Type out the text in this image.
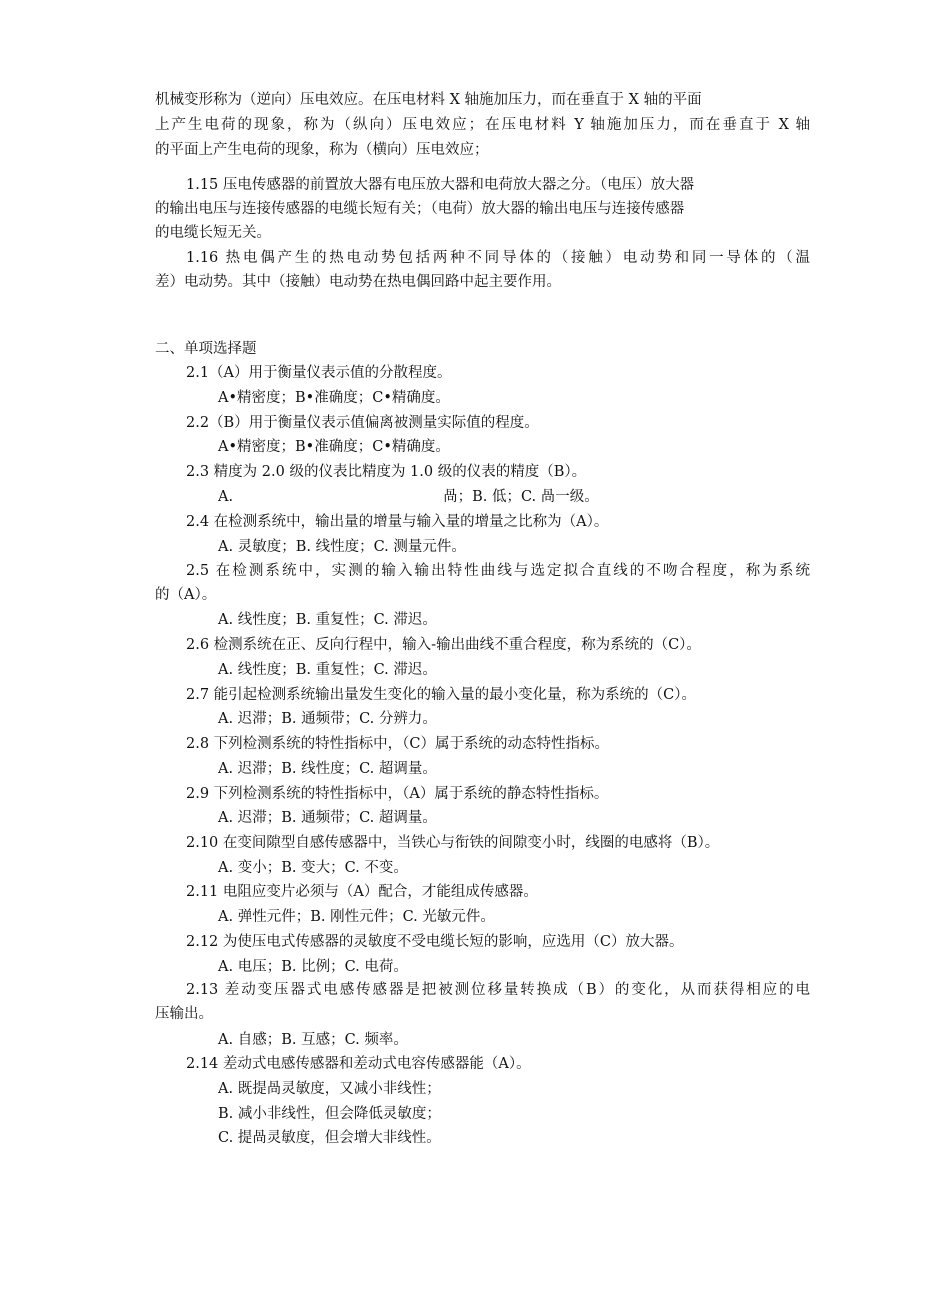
机械变形称为（逆向）压电效应。在压电材料 X 轴施加压力，而在垂直于 X 轴的平面
上产生电荷的现象，称为（纵向）压电效应；在压电材料 Y 轴施加压力，而在垂直于 X 轴
的平面上产生电荷的现象，称为（横向）压电效应；
1.15 压电传感器的前置放大器有电压放大器和电荷放大器之分。（电压）放大器
的输出电压与连接传感器的电缆长短有关；（电荷）放大器的输出电压与连接传感器
的电缆长短无关。
1.16 热电偶产生的热电动势包括两种不同导体的（接触）电动势和同一导体的（温
差）电动势。其中（接触）电动势在热电偶回路中起主要作用。
二、单项选择题
2.1（A）用于衡量仪表示值的分散程度。
A•精密度；B•准确度；C•精确度。
2.2（B）用于衡量仪表示值偏离被测量实际值的程度。
A•精密度；B•准确度；C•精确度。
2.3 精度为 2.0 级的仪表比精度为 1.0 级的仪表的精度（B）。
A.	咼；B. 低；C. 咼一级。
2.4 在检测系统中，输出量的增量与输入量的增量之比称为（A）。
A. 灵敏度；B. 线性度；C. 测量元件。
2.5 在检测系统中，实测的输入输出特性曲线与选定拟合直线的不吻合程度，称为系统
的（A）。
A. 线性度；B. 重复性；C. 滞迟。
2.6 检测系统在正、反向行程中，输入-输出曲线不重合程度，称为系统的（C）。
A. 线性度；B. 重复性；C. 滞迟。
2.7 能引起检测系统输出量发生变化的输入量的最小变化量，称为系统的（C）。
A. 迟滞；B. 通频带；C. 分辨力。
2.8 下列检测系统的特性指标中，（C）属于系统的动态特性指标。
A. 迟滞；B. 线性度；C. 超调量。
2.9 下列检测系统的特性指标中，（A）属于系统的静态特性指标。
A. 迟滞；B. 通频带；C. 超调量。
2.10 在变间隙型自感传感器中，当铁心与衔铁的间隙变小时，线圈的电感将（B）。
A. 变小；B. 变大；C. 不变。
2.11 电阻应变片必须与（A）配合，才能组成传感器。
A. 弹性元件；B. 刚性元件；C. 光敏元件。
2.12 为使压电式传感器的灵敏度不受电缆长短的影响，应选用（C）放大器。
A. 电压；B. 比例；C. 电荷。
2.13 差动变压器式电感传感器是把被测位移量转换成（B）的变化，从而获得相应的电
压输出。
A. 自感；B. 互感；C. 频率。
2.14 差动式电感传感器和差动式电容传感器能（A）。
A. 既提咼灵敏度，又减小非线性；
B. 减小非线性，但会降低灵敏度；
C. 提咼灵敏度，但会增大非线性。
